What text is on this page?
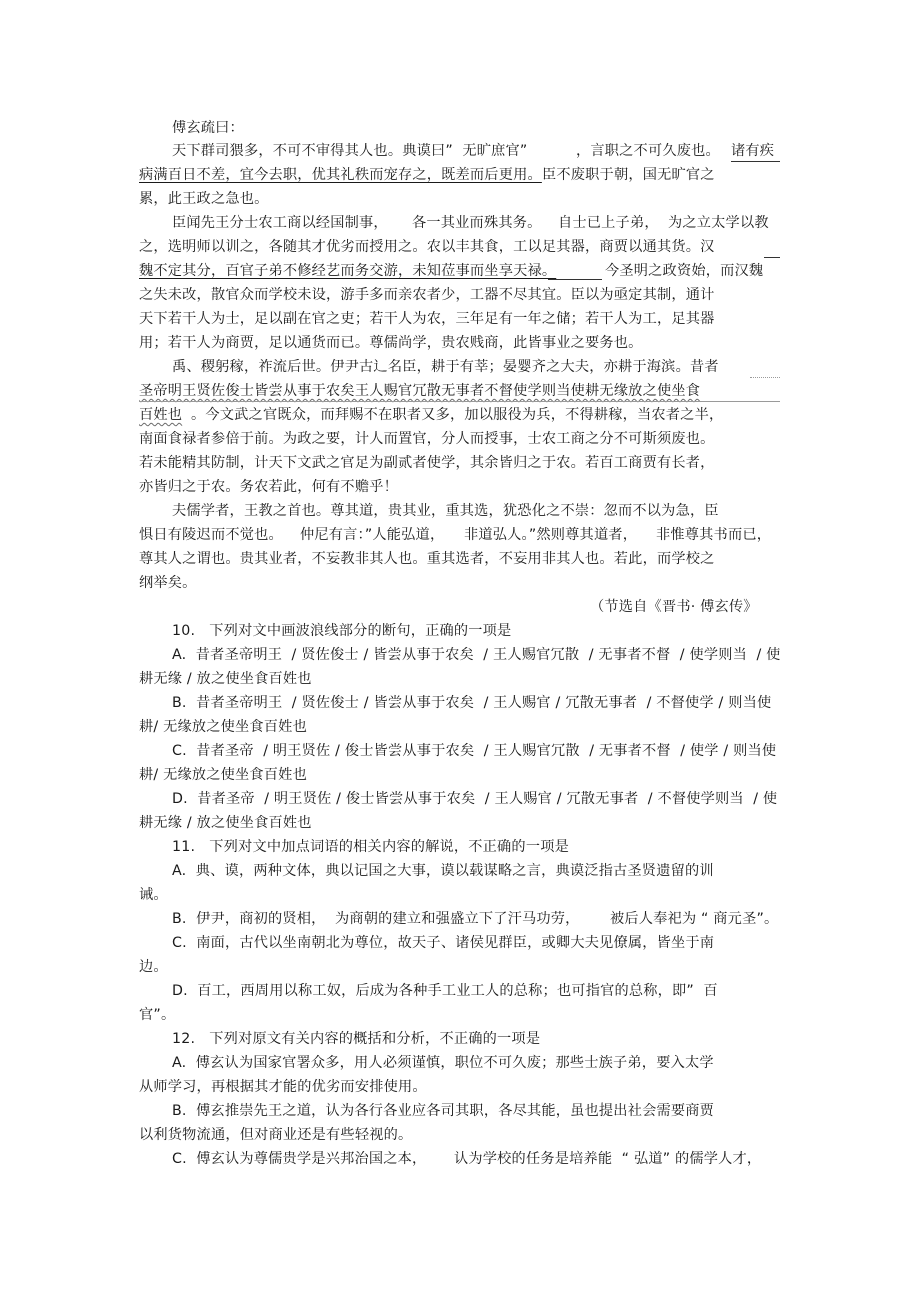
傅玄疏曰：
天下群司猥多，不可不审得其人也。典谟曰”  无旷庶官”	，言职之不可久废也。 诸有疾
病满百日不差，宜今去职，优其礼秩而宠存之，既差而后更用。 臣不废职于朝，国无旷官之
累，此王政之急也。
臣闻先王分士农工商以经国制事， 各一其业而殊其务。 自士已上子弟， 为之立太学以教
之，选明师以训之，各随其才优劣而授用之。农以丰其食，工以足其器，商贾以通其货。汉
魏不定其分，百官子弟不修经艺而务交游，未知莅事而坐享天禄。	今圣明之政资始，而汉魏
之失未改，散官众而学校未设，游手多而亲农者少，工器不尽其宜。臣以为亟定其制，通计
天下若干人为士，足以副在官之吏；若干人为农，三年足有一年之储；若干人为工，足其器
用；若干人为商贾，足以通货而已。尊儒尚学，贵农贱商，此皆事业之要务也。
禹、稷躬稼，祚流后世。伊尹古辶名臣，耕于有莘；晏婴齐之大夫，亦耕于海滨。昔者
圣帝明王贤佐俊士皆尝从事于农矣王人赐官冗散无事者不督使学则当使耕无缘放之使坐食
百姓也 。今文武之官既众，而拜赐不在职者又多，加以服役为兵，不得耕稼，当农者之半，
南面食禄者参倍于前。为政之要，计人而置官，分人而授事，士农工商之分不可斯须废也。
若未能精其防制，计天下文武之官足为副贰者使学，其余皆归之于农。若百工商贾有长者，
亦皆归之于农。务农若此，何有不赡乎！
夫儒学者，王教之首也。尊其道，贵其业，重其选，犹恐化之不崇：忽而不以为急，臣
惧日有陵迟而不觉也。 仲尼有言：”人能弘道， 非道弘人。”然则尊其道者， 非惟尊其书而已，
尊其人之谓也。贵其业者，不妄教非其人也。重其选者，不妄用非其人也。若此，而学校之
纲举矣。
（节选自《晋书· 傅玄传》
10.   下列对文中画波浪线部分的断句，正确的一项是
A.  昔者圣帝明王  / 贤佐俊士 / 皆尝从事于农矣  / 王人赐官冗散  / 无事者不督  / 使学则当  / 使
耕无缘 / 放之使坐食百姓也
B.  昔者圣帝明王  / 贤佐俊士 / 皆尝从事于农矣  / 王人赐官 / 冗散无事者  / 不督使学 / 则当使
耕/ 无缘放之使坐食百姓也
C.  昔者圣帝  / 明王贤佐 / 俊士皆尝从事于农矣  / 王人赐官冗散  / 无事者不督  / 使学 / 则当使
耕/ 无缘放之使坐食百姓也
D.  昔者圣帝  / 明王贤佐 / 俊士皆尝从事于农矣  / 王人赐官 / 冗散无事者  / 不督使学则当  / 使
耕无缘 / 放之使坐食百姓也
11.   下列对文中加点词语的相关内容的解说，不正确的一项是
A.  典、谟，两种文体，典以记国之大事，谟以载谋略之言，典谟泛指古圣贤遗留的训
诫。
B.  伊尹，商初的贤相，  为商朝的建立和强盛立下了汗马功劳， 被后人奉祀为 “ 商元圣”。
C.  南面，古代以坐南朝北为尊位，故天子、诸侯见群臣，或卿大夫见僚属，皆坐于南
边。
D.  百工，西周用以称工奴，后成为各种手工业工人的总称；也可指官的总称，即”  百
官”。
12.   下列对原文有关内容的概括和分析，不正确的一项是
A.  傅玄认为国家官署众多，用人必须谨慎，职位不可久废；那些士族子弟，要入太学
从师学习，再根据其才能的优劣而安排使用。
B.  傅玄推崇先王之道，认为各行各业应各司其职，各尽其能，虽也提出社会需要商贾
以利货物流通，但对商业还是有些轻视的。
C.  傅玄认为尊儒贵学是兴邦治国之本， 认为学校的任务是培养能  “ 弘道” 的儒学人才，
